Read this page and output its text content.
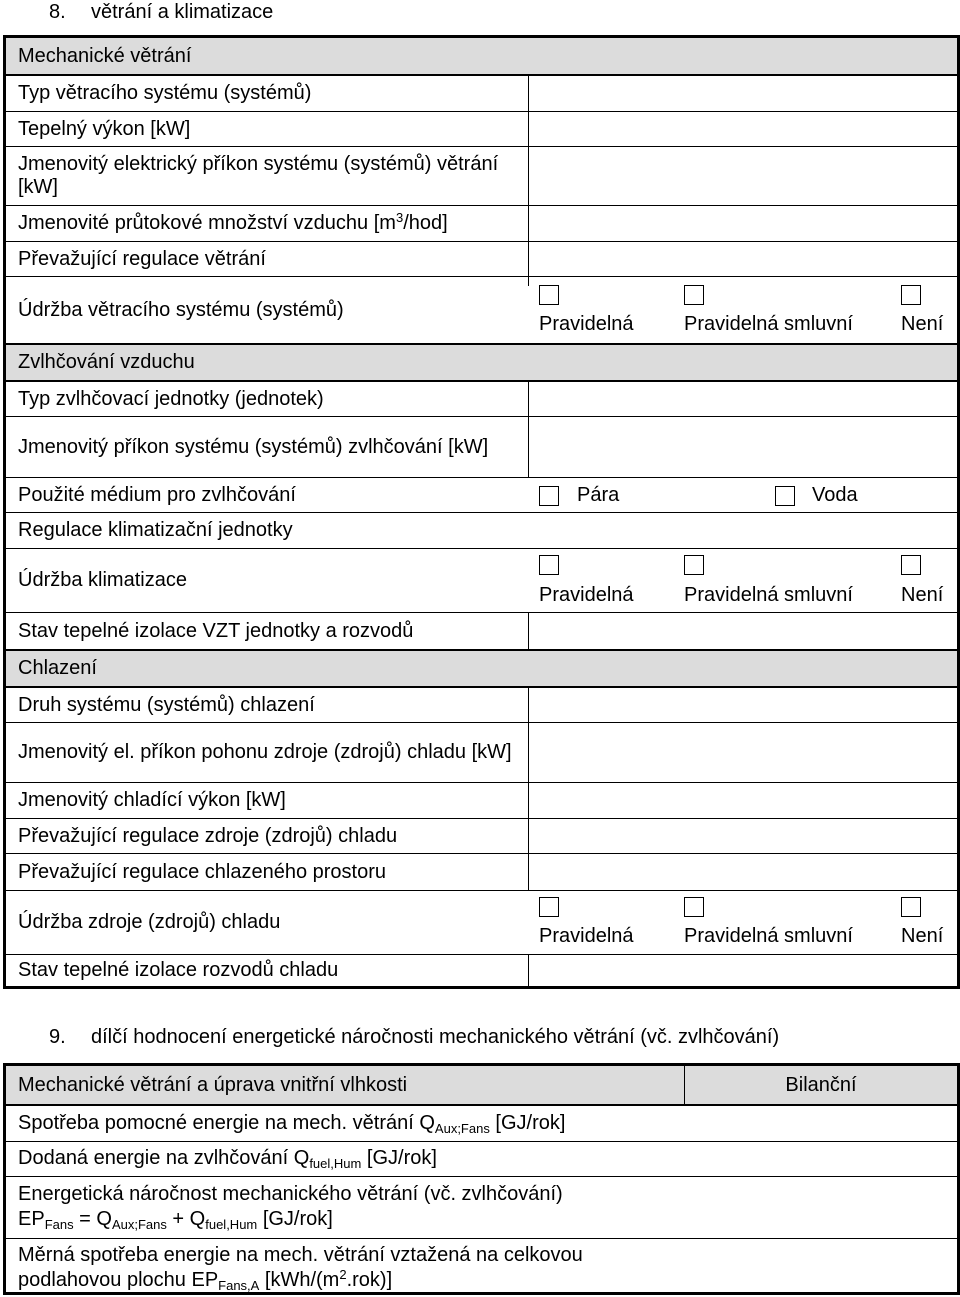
8. větrání a klimatizace
Mechanické větrání
Typ větracího systému (systémů)
Tepelný výkon [kW]
Jmenovitý elektrický příkon systému (systémů) větrání [kW]
Jmenovité průtokové množství vzduchu $[m^3/hod]$
Převažující regulace větrání
Údržba větracího systému (systémů)
Pravidelná	Pravidelná smluvní Není
Zvlhčování vzduchu
Typ zvlhčovací jednotky (jednotek)
Jmenovitý příkon systému (systémů) zvlhčování [kW]
Použité médium pro zvlhčování	Pára	Voda
Regulace klimatizační jednotky
Údržba klimatizace
Pravidelná	Pravidelná smluvní Není
Stav tepelné izolace VZT jednotky a rozvodů
Chlazení
Druh systému (systémů) chlazení
Jmenovitý el. příkon pohonu zdroje (zdrojů) chladu [kW]
Jmenovitý chladící výkon [kW]
Převažující regulace zdroje (zdrojů) chladu
Převažující regulace chlazeného prostoru
Údržba zdroje (zdrojů) chladu
Pravidelná	Pravidelná smluvní Není
Stav tepelné izolace rozvodů chladu
9. dílčí hodnocení energetické náročnosti mechanického větrání (vč. zvlhčování)
Mechanické větrání a úprava vnitřní vlhkosti	Bilanční
Spotřeba pomocné energie na mech. větrání $Q_{Aux;Fans}$ [GJ/rok]
Dodaná energie na zvlhčování $Q_{fuel,Hum}$ [GJ/rok]
Energetická náročnost mechanického větrání (vč. zvlhčování)
$EP_{Fans} = Q_{Aux;Fans} + Q_{fuel,Hum}$ [GJ/rok]
Měrná spotřeba energie na mech. větrání vztažená na celkovou
podlahovou plochu $EP_{Fans,A}$ $[kWh/(m^2.rok)]$
